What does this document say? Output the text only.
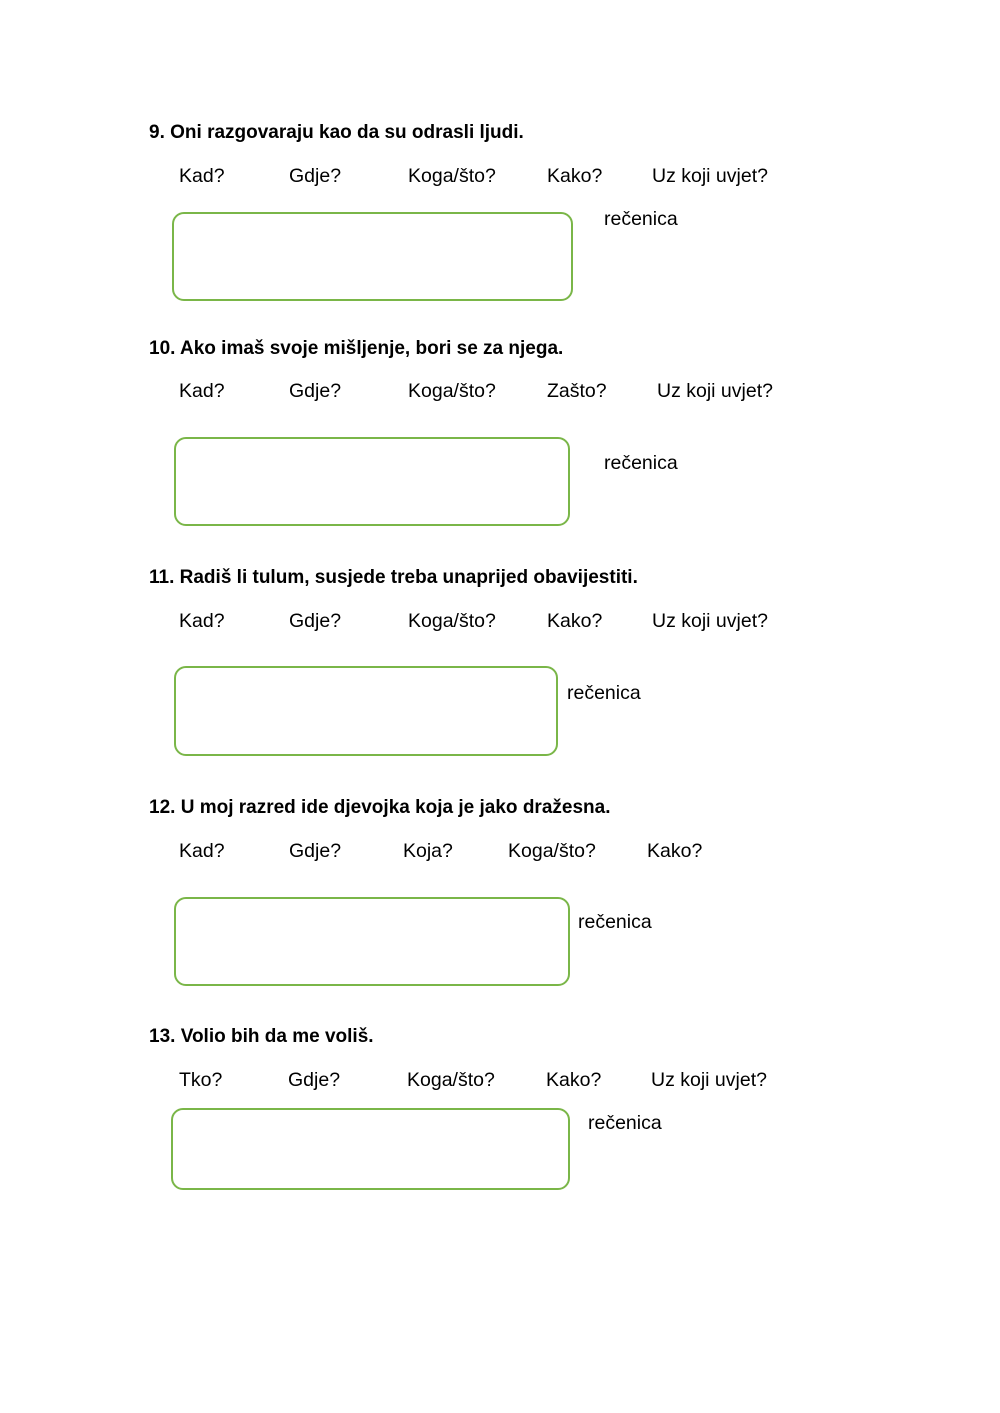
9. Oni razgovaraju kao da su odrasli ljudi.

Kad?	Gdje?	Koga/što?	Kako?	Uz koji uvjet?
rečenica

10. Ako imaš svoje mišljenje, bori se za njega.

Kad?	Gdje?	Koga/što?	Zašto?	Uz koji uvjet?
rečenica

11. Radiš li tulum, susjede treba unaprijed obavijestiti.

Kad?	Gdje?	Koga/što?	Kako?	Uz koji uvjet?
rečenica

12. U moj razred ide djevojka koja je jako dražesna.

Kad?	Gdje?	Koja?	Koga/što?	Kako?
rečenica

13. Volio bih da me voliš.

Tko?	Gdje?	Koga/što?	Kako?	Uz koji uvjet?
rečenica
